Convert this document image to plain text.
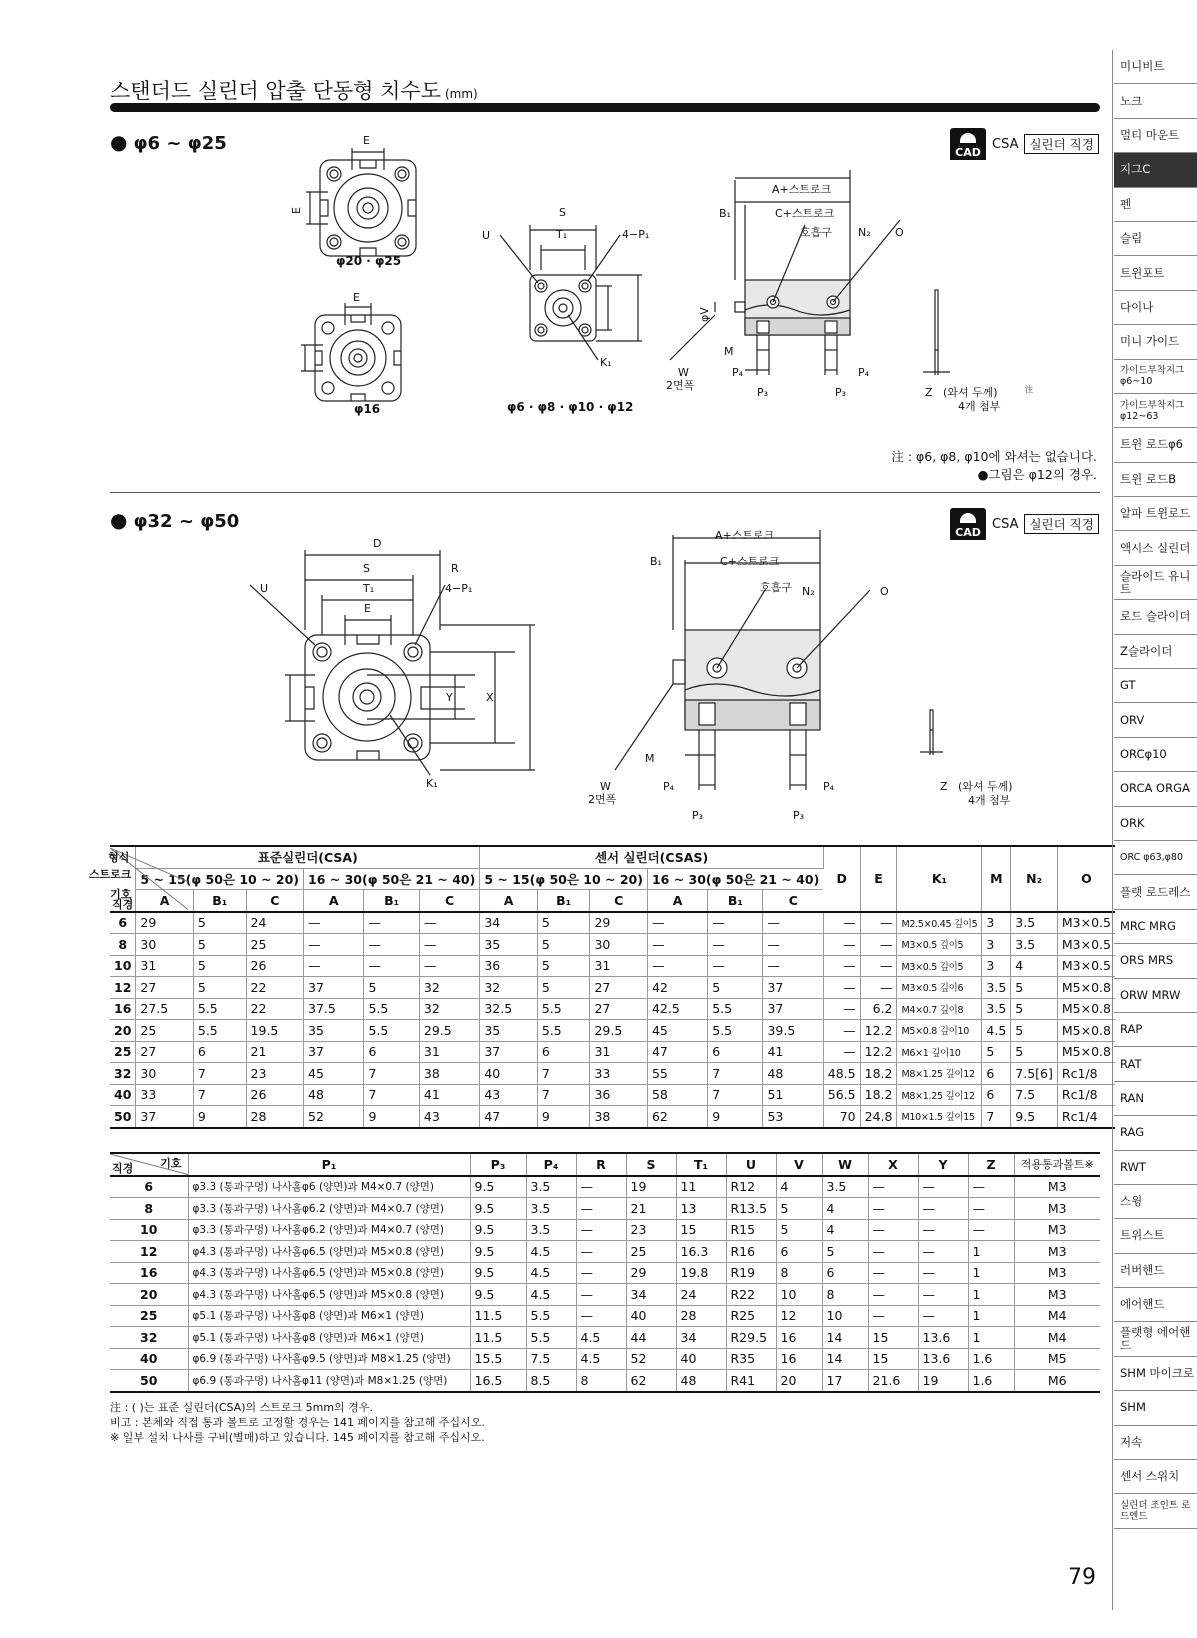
스탠더드 실린더 압출 단동형 치수도 (mm)
● φ6 ~ φ25	CAD
CSA 실린더 직경
E
E
φ20 · φ25
E
φ16
S
T₁
U	4−P₁
K₁
φ6 · φ8 · φ10 · φ12
A+스트로크
B₁	C+스트로크
호흡구 N₂ O
W
2면폭
M
P₄	P₄
P₃	P₃	Z (와셔 두께)	注
4개 첨부
φV
注 : φ6, φ8, φ10에 와셔는 없습니다.
●그림은 φ12의 경우.
● φ32 ~ φ50
CAD
CSA 실린더 직경
D
S	R
T₁
U	4−P₁
E
K₁
Y	X
A+스트로크
B₁	C+스트로크
호흡구 N₂	O
M
W
2면폭
P₄	P₄
P₃	P₃
Z (와셔 두께)
4개 첨부
형식
스트로크
기호
직경	표준실린더(CSA)						센서 실린더(CSAS)						D	E	K₁	M	N₂	O
	5 ~ 15(φ 50은 10 ~ 20)			16 ~ 30(φ 50은 21 ~ 40)			5 ~ 15(φ 50은 10 ~ 20)			16 ~ 30(φ 50은 21 ~ 40)								
	A	B₁	C	A	B₁	C	A	B₁	C	A	B₁	C						
6	29	5	24	—	—	—	34	5	29	—	—	—	—	—	M2.5×0.45 깊이5	3	3.5	M3×0.5
8	30	5	25	—	—	—	35	5	30	—	—	—	—	—	M3×0.5 깊이5	3	3.5	M3×0.5
10	31	5	26	—	—	—	36	5	31	—	—	—	—	—	M3×0.5 깊이5	3	4	M3×0.5
12	27	5	22	37	5	32	32	5	27	42	5	37	—	—	M3×0.5 깊이6	3.5	5	M5×0.8
16	27.5	5.5	22	37.5	5.5	32	32.5	5.5	27	42.5	5.5	37	—	6.2	M4×0.7 깊이8	3.5	5	M5×0.8
20	25	5.5	19.5	35	5.5	29.5	35	5.5	29.5	45	5.5	39.5	—	12.2	M5×0.8 깊이10	4.5	5	M5×0.8
25	27	6	21	37	6	31	37	6	31	47	6	41	—	12.2	M6×1 깊이10	5	5	M5×0.8
32	30	7	23	45	7	38	40	7	33	55	7	48	48.5	18.2	M8×1.25 깊이12	6	7.5[6]	Rc1/8
40	33	7	26	48	7	41	43	7	36	58	7	51	56.5	18.2	M8×1.25 깊이12	6	7.5	Rc1/8
50	37	9	28	52	9	43	47	9	38	62	9	53	70	24.8	M10×1.5 깊이15	7	9.5	Rc1/4
기호
직경	P₁	P₃	P₄	R	S	T₁	U	V	W	X	Y	Z	적용통과볼트※
6	φ3.3 (통과구멍) 나사홈φ6 (양면)과 M4×0.7 (양면)	9.5	3.5	—	19	11	R12	4	3.5	—	—	—	M3
8	φ3.3 (통과구멍) 나사홈φ6.2 (양면)과 M4×0.7 (양면)	9.5	3.5	—	21	13	R13.5	5	4	—	—	—	M3
10	φ3.3 (통과구멍) 나사홈φ6.2 (양면)과 M4×0.7 (양면)	9.5	3.5	—	23	15	R15	5	4	—	—	—	M3
12	φ4.3 (통과구멍) 나사홈φ6.5 (양면)과 M5×0.8 (양면)	9.5	4.5	—	25	16.3	R16	6	5	—	—	1	M3
16	φ4.3 (통과구멍) 나사홈φ6.5 (양면)과 M5×0.8 (양면)	9.5	4.5	—	29	19.8	R19	8	6	—	—	1	M3
20	φ4.3 (통과구멍) 나사홈φ6.5 (양면)과 M5×0.8 (양면)	9.5	4.5	—	34	24	R22	10	8	—	—	1	M3
25	φ5.1 (통과구멍) 나사홈φ8 (양면)과 M6×1 (양면)	11.5	5.5	—	40	28	R25	12	10	—	—	1	M4
32	φ5.1 (통과구멍) 나사홈φ8 (양면)과 M6×1 (양면)	11.5	5.5	4.5	44	34	R29.5	16	14	15	13.6	1	M4
40	φ6.9 (통과구멍) 나사홈φ9.5 (양면)과 M8×1.25 (양면)	15.5	7.5	4.5	52	40	R35	16	14	15	13.6	1.6	M5
50	φ6.9 (통과구멍) 나사홈φ11 (양면)과 M8×1.25 (양면)	16.5	8.5	8	62	48	R41	20	17	21.6	19	1.6	M6
注 : ( )는 표준 실린더(CSA)의 스트로크 5mm의 경우.
비고 : 본체와 직접 통과 볼트로 고정할 경우는 141 페이지를 참고해 주십시오.
※ 일부 설치 나사를 구비(별매)하고 있습니다. 145 페이지를 참고해 주십시오.
미니비트
노크
멀티 마운트
지그C
펜
슬림
트윈포트
다이나
미니 가이드
가이드부착지그 φ6~10
가이드부착지그 φ12~63
트윈 로드φ6
트윈 로드B
알파 트윈로드
액시스 실린더
슬라이드 유니트
로드 슬라이더
Z슬라이더
GT
ORV
ORCφ10
ORCA ORGA
ORK
ORC φ63,φ80
플랫 로드레스
MRC MRG
ORS MRS
ORW MRW
RAP
RAT
RAN
RAG
RWT
스윙
트위스트
러버핸드
에어핸드
플랫형 에어핸드
SHM 마이크로
SHM
저속
센서 스위치
실린더 조인트 로드엔드
79
